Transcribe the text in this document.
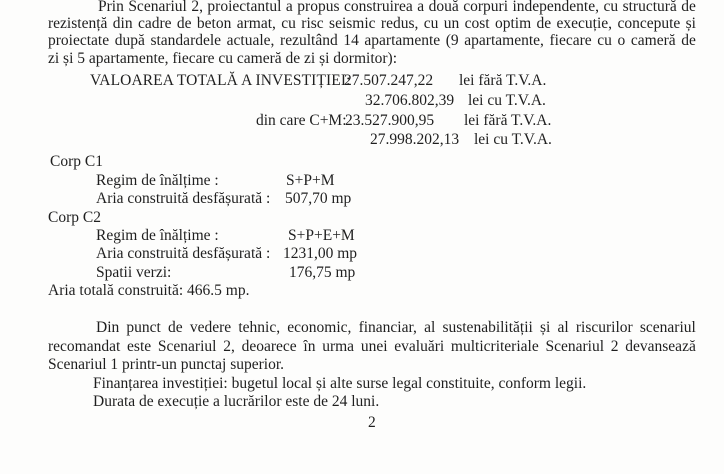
Prin Scenariul 2, proiectantul a propus construirea a două corpuri independente, cu structură de
rezistență din cadre de beton armat, cu risc seismic redus, cu un cost optim de execuție, concepute și
proiectate după standardele actuale, rezultând 14 apartamente (9 apartamente, fiecare cu o cameră de
zi și 5 apartamente, fiecare cu cameră de zi și dormitor):
VALOAREA TOTALĂ A INVESTIȚIEI:
27.507.247,22 lei fără T.V.A.
32.706.802,39 lei cu T.V.A.
din care C+M:
23.527.900,95 lei fără T.V.A.
27.998.202,13 lei cu T.V.A.
Corp C1
Regim de înălțime :	S+P+M
Aria construită desfășurată : 507,70 mp
Corp C2
Regim de înălțime :	S+P+E+M
Aria construită desfășurată : 1231,00 mp
Spatii verzi:	176,75 mp
Aria totală construită: 466.5 mp.
Din punct de vedere tehnic, economic, financiar, al sustenabilității și al riscurilor scenariul
recomandat este Scenariul 2, deoarece în urma unei evaluări multicriteriale Scenariul 2 devansează
Scenariul 1 printr-un punctaj superior.
Finanțarea investiției: bugetul local și alte surse legal constituite, conform legii.
Durata de execuție a lucrărilor este de 24 luni.
2
